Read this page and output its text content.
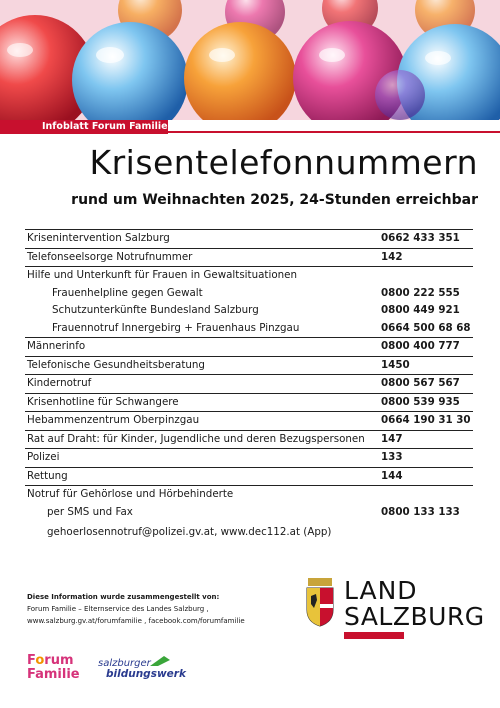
Infoblatt Forum Familie
Krisentelefonnummern
rund um Weihnachten 2025, 24-Stunden erreichbar
Krisenintervention Salzburg	0662 433 351
Telefonseelsorge Notrufnummer	142
Hilfe und Unterkunft für Frauen in Gewaltsituationen
Frauenhelpline gegen Gewalt	0800 222 555
Schutzunterkünfte Bundesland Salzburg	0800 449 921
Frauennotruf Innergebirg + Frauenhaus Pinzgau	0664 500 68 68
Männerinfo	0800 400 777
Telefonische Gesundheitsberatung	1450
Kindernotruf	0800 567 567
Krisenhotline für Schwangere	0800 539 935
Hebammenzentrum Oberpinzgau	0664 190 31 30
Rat auf Draht: für Kinder, Jugendliche und deren Bezugspersonen 147
Polizei	133
Rettung	144
Notruf für Gehörlose und Hörbehinderte
per SMS und Fax	0800 133 133
gehoerlosennotruf@polizei.gv.at, www.dec112.at (App)
Diese Information wurde zusammengestellt von:
Forum Familie – Elternservice des Landes Salzburg ,
www.salzburg.gv.at/forumfamilie , facebook.com/forumfamilie
LAND
SALZBURG
Forum
Familie
salzburger
bildungswerk
